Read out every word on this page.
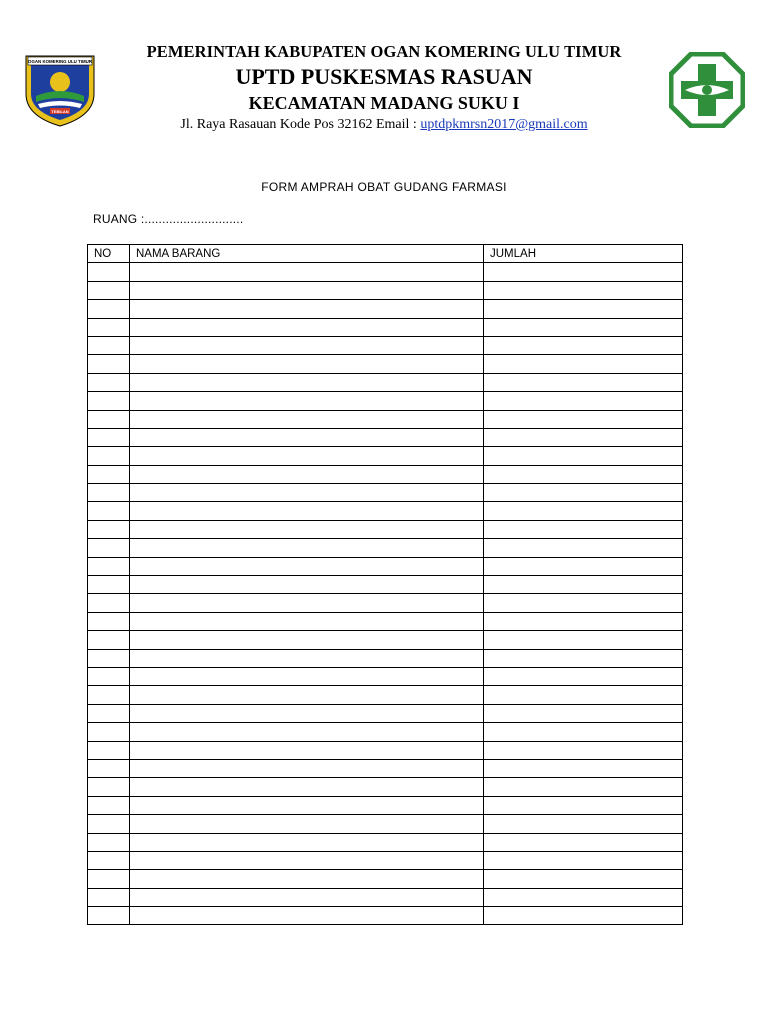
OGAN KOMERING ULU TIMUR
TEBILAN
PEMERINTAH KABUPATEN OGAN KOMERING ULU TIMUR
UPTD PUSKESMAS RASUAN
KECAMATAN MADANG SUKU I
Jl. Raya Rasauan Kode Pos 32162 Email : uptdpkmrsn2017@gmail.com
FORM AMPRAH OBAT GUDANG FARMASI
RUANG :............................
NO	NAMA BARANG	JUMLAH
